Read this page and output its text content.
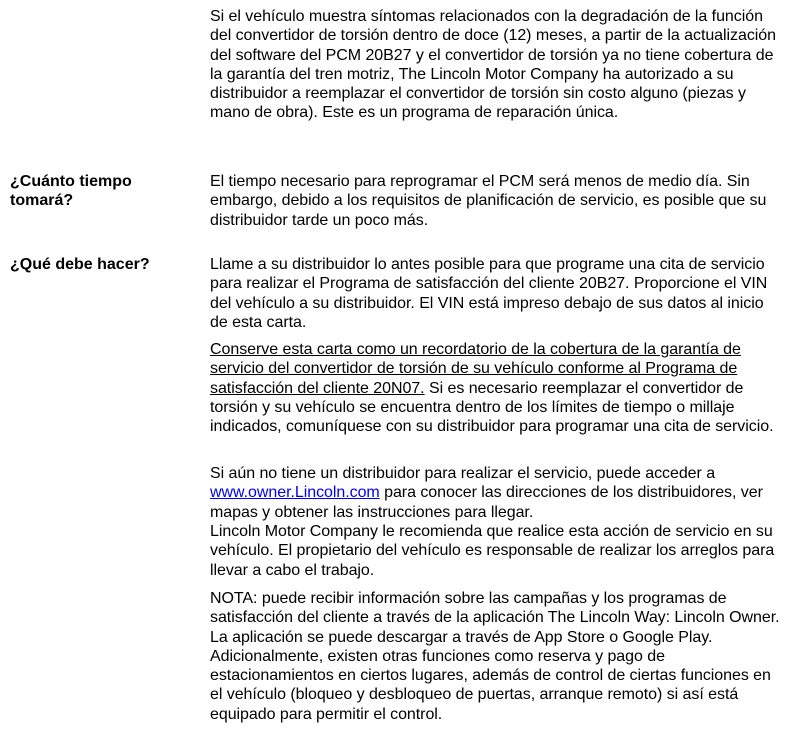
Si el vehículo muestra síntomas relacionados con la degradación de la función del convertidor de torsión dentro de doce (12) meses, a partir de la actualización del software del PCM 20B27 y el convertidor de torsión ya no tiene cobertura de la garantía del tren motriz, The Lincoln Motor Company ha autorizado a su distribuidor a reemplazar el convertidor de torsión sin costo alguno (piezas y mano de obra). Este es un programa de reparación única.

¿Cuánto tiempo tomará?

El tiempo necesario para reprogramar el PCM será menos de medio día. Sin embargo, debido a los requisitos de planificación de servicio, es posible que su distribuidor tarde un poco más.

¿Qué debe hacer?	Llame a su distribuidor lo antes posible para que programe una cita de servicio para realizar el Programa de satisfacción del cliente 20B27. Proporcione el VIN del vehículo a su distribuidor. El VIN está impreso debajo de sus datos al inicio de esta carta.

Conserve esta carta como un recordatorio de la cobertura de la garantía de servicio del convertidor de torsión de su vehículo conforme al Programa de satisfacción del cliente 20N07. Si es necesario reemplazar el convertidor de torsión y su vehículo se encuentra dentro de los límites de tiempo o millaje indicados, comuníquese con su distribuidor para programar una cita de servicio.

Si aún no tiene un distribuidor para realizar el servicio, puede acceder a www.owner.Lincoln.com para conocer las direcciones de los distribuidores, ver mapas y obtener las instrucciones para llegar.

Lincoln Motor Company le recomienda que realice esta acción de servicio en su vehículo. El propietario del vehículo es responsable de realizar los arreglos para llevar a cabo el trabajo.

NOTA: puede recibir información sobre las campañas y los programas de satisfacción del cliente a través de la aplicación The Lincoln Way: Lincoln Owner. La aplicación se puede descargar a través de App Store o Google Play. Adicionalmente, existen otras funciones como reserva y pago de estacionamientos en ciertos lugares, además de control de ciertas funciones en el vehículo (bloqueo y desbloqueo de puertas, arranque remoto) si así está equipado para permitir el control.
